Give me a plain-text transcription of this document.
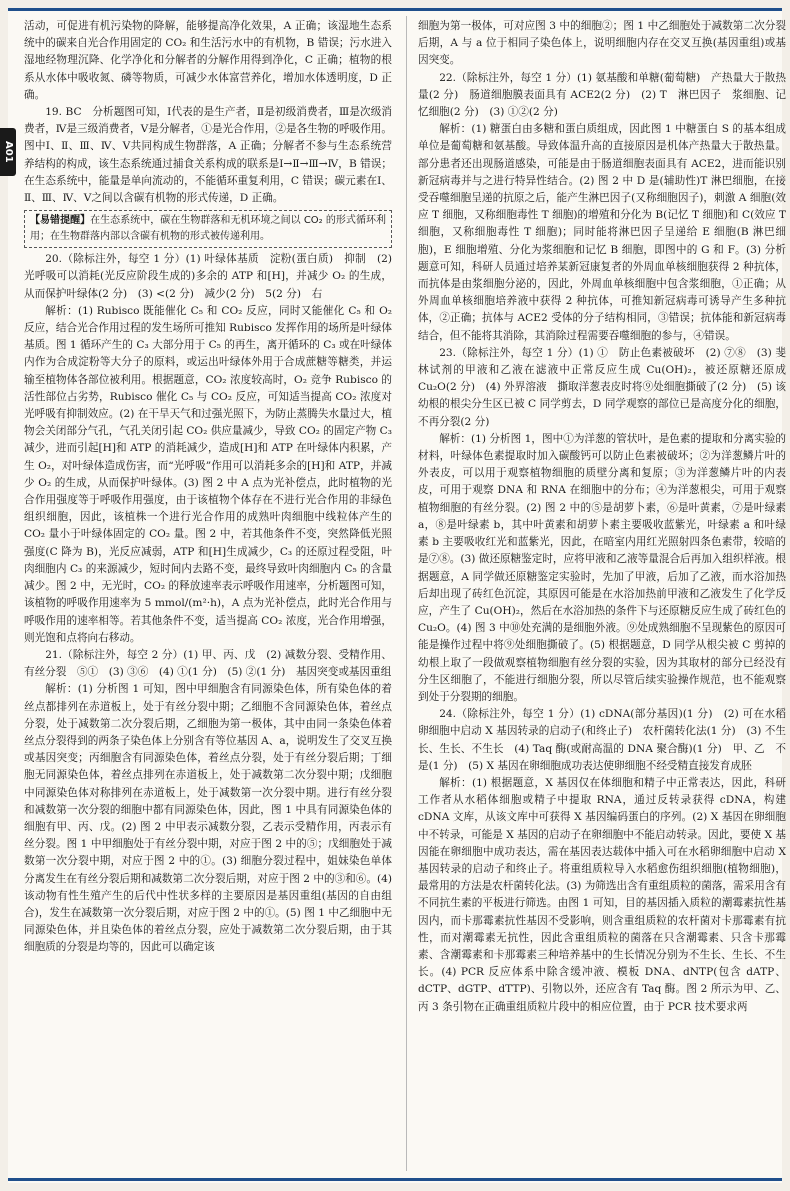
A01

活动，可促进有机污染物的降解，能够提高净化效果，A 正确；该湿地生态系统中的碳来自光合作用固定的 CO₂ 和生活污水中的有机物，B 错误；污水进入湿地经物理沉降、化学净化和分解者的分解作用得到净化，C 正确；植物的根系从水体中吸收氮、磷等物质，可减少水体富营养化，增加水体透明度，D 正确。

19. BC　分析题图可知，Ⅰ代表的是生产者，Ⅱ是初级消费者，Ⅲ是次级消费者，Ⅳ是三级消费者，Ⅴ是分解者，①是光合作用，②是各生物的呼吸作用。图中Ⅰ、Ⅱ、Ⅲ、Ⅳ、Ⅴ共同构成生物群落，A 正确；分解者不参与生态系统营养结构的构成，该生态系统通过捕食关系构成的联系是Ⅰ→Ⅱ→Ⅲ→Ⅳ，B 错误；在生态系统中，能量是单向流动的，不能循环重复利用，C 错误；碳元素在Ⅰ、Ⅱ、Ⅲ、Ⅳ、Ⅴ之间以含碳有机物的形式传递，D 正确。

【易错提醒】在生态系统中，碳在生物群落和无机环境之间以 CO₂ 的形式循环利用；在生物群落内部以含碳有机物的形式被传递利用。

20.（除标注外，每空 1 分）(1) 叶绿体基质　淀粉(蛋白质)　抑制　(2) 光呼吸可以消耗(光反应阶段生成的)多余的 ATP 和[H]，并减少 O₂ 的生成，从而保护叶绿体(2 分)　(3) <(2 分)　减少(2 分)　5(2 分)　右

解析：(1) Rubisco 既能催化 C₅ 和 CO₂ 反应，同时又能催化 C₅ 和 O₂ 反应，结合光合作用过程的发生场所可推知 Rubisco 发挥作用的场所是叶绿体基质。图 1 循环产生的 C₃ 大部分用于 C₅ 的再生，离开循环的 C₃ 或在叶绿体内作为合成淀粉等大分子的原料，或运出叶绿体外用于合成蔗糖等糖类，并运输至植物体各部位被利用。根据题意，CO₂ 浓度较高时，O₂ 竞争 Rubisco 的活性部位占劣势，Rubisco 催化 C₅ 与 CO₂ 反应，可知适当提高 CO₂ 浓度对光呼吸有抑制效应。(2) 在干旱天气和过强光照下，为防止蒸腾失水量过大，植物会关闭部分气孔，气孔关闭引起 CO₂ 供应量减少，导致 CO₂ 的固定产物 C₃ 减少，进而引起[H]和 ATP 的消耗减少，造成[H]和 ATP 在叶绿体内积累，产生 O₂，对叶绿体造成伤害，而“光呼吸”作用可以消耗多余的[H]和 ATP，并减少 O₂ 的生成，从而保护叶绿体。(3) 图 2 中 A 点为光补偿点，此时植物的光合作用强度等于呼吸作用强度，由于该植物个体存在不进行光合作用的非绿色组织细胞，因此，该植株一个进行光合作用的成熟叶肉细胞中线粒体产生的 CO₂ 量小于叶绿体固定的 CO₂ 量。图 2 中，若其他条件不变，突然降低光照强度(C 降为 B)，光反应减弱，ATP 和[H]生成减少，C₃ 的还原过程受阻，叶肉细胞内 C₃ 的来源减少，短时间内去路不变，最终导致叶肉细胞内 C₅ 的含量减少。图 2 中，无光时，CO₂ 的释放速率表示呼吸作用速率，分析题图可知，该植物的呼吸作用速率为 5 mmol/(m²·h)，A 点为光补偿点，此时光合作用与呼吸作用的速率相等。若其他条件不变，适当提高 CO₂ 浓度，光合作用增强，则光饱和点将向右移动。

21.（除标注外，每空 2 分）(1) 甲、丙、戊　(2) 减数分裂、受精作用、有丝分裂　⑤①　(3) ③⑥　(4) ①(1 分)　(5) ②(1 分)　基因突变或基因重组

解析：(1) 分析图 1 可知，图中甲细胞含有同源染色体，所有染色体的着丝点都排列在赤道板上，处于有丝分裂中期；乙细胞不含同源染色体，着丝点分裂，处于减数第二次分裂后期，乙细胞为第一极体，其中由同一条染色体着丝点分裂得到的两条子染色体上分别含有等位基因 A、a，说明发生了交叉互换或基因突变；丙细胞含有同源染色体，着丝点分裂，处于有丝分裂后期；丁细胞无同源染色体，着丝点排列在赤道板上，处于减数第二次分裂中期；戊细胞中同源染色体对称排列在赤道板上，处于减数第一次分裂中期。进行有丝分裂和减数第一次分裂的细胞中都有同源染色体，因此，图 1 中具有同源染色体的细胞有甲、丙、戊。(2) 图 2 中甲表示减数分裂，乙表示受精作用，丙表示有丝分裂。图 1 中甲细胞处于有丝分裂中期，对应于图 2 中的⑤；戊细胞处于减数第一次分裂中期，对应于图 2 中的①。(3) 细胞分裂过程中，姐妹染色单体分离发生在有丝分裂后期和减数第二次分裂后期，对应于图 2 中的③和⑥。(4) 该动物有性生殖产生的后代中性状多样的主要原因是基因重组(基因的自由组合)，发生在减数第一次分裂后期，对应于图 2 中的①。(5) 图 1 中乙细胞中无同源染色体，并且染色体的着丝点分裂，应处于减数第二次分裂后期，由于其细胞质的分裂是均等的，因此可以确定该

细胞为第一极体，可对应图 3 中的细胞②；图 1 中乙细胞处于减数第二次分裂后期，A 与 a 位于相同子染色体上，说明细胞内存在交叉互换(基因重组)或基因突变。

22.（除标注外，每空 1 分）(1) 氨基酸和单糖(葡萄糖)　产热量大于散热量(2 分)　肠道细胞膜表面具有 ACE2(2 分)　(2) T　淋巴因子　浆细胞、记忆细胞(2 分)　(3) ①②(2 分)

解析：(1) 糖蛋白由多糖和蛋白质组成，因此图 1 中糖蛋白 S 的基本组成单位是葡萄糖和氨基酸。导致体温升高的直接原因是机体产热量大于散热量。部分患者还出现肠道感染，可能是由于肠道细胞表面具有 ACE2，进而能识别新冠病毒并与之进行特异性结合。(2) 图 2 中 D 是(辅助性)T 淋巴细胞，在接受吞噬细胞呈递的抗原之后，能产生淋巴因子(又称细胞因子)，刺激 A 细胞(效应 T 细胞，又称细胞毒性 T 细胞)的增殖和分化为 B(记忆 T 细胞)和 C(效应 T 细胞，又称细胞毒性 T 细胞)；同时能将淋巴因子呈递给 E 细胞(B 淋巴细胞)，E 细胞增殖、分化为浆细胞和记忆 B 细胞，即图中的 G 和 F。(3) 分析题意可知，科研人员通过培养某新冠康复者的外周血单核细胞获得 2 种抗体，而抗体是由浆细胞分泌的，因此，外周血单核细胞中包含浆细胞，①正确；从外周血单核细胞培养液中获得 2 种抗体，可推知新冠病毒可诱导产生多种抗体，②正确；抗体与 ACE2 受体的分子结构相同，③错误；抗体能和新冠病毒结合，但不能将其消除，其消除过程需要吞噬细胞的参与，④错误。

23.（除标注外，每空 1 分）(1) ①　防止色素被破坏　(2) ⑦⑧　(3) 斐林试剂的甲液和乙液在滤液中正常反应生成 Cu(OH)₂，被还原糖还原成 Cu₂O(2 分)　(4) 外界溶液　撕取洋葱表皮时将⑨处细胞撕破了(2 分)　(5) 该幼根的根尖分生区已被 C 同学剪去，D 同学观察的部位已是高度分化的细胞，不再分裂(2 分)

解析：(1) 分析图 1，图中①为洋葱的管状叶，是色素的提取和分离实验的材料，叶绿体色素提取时加入碳酸钙可以防止色素被破坏；②为洋葱鳞片叶的外表皮，可以用于观察植物细胞的质壁分离和复原；③为洋葱鳞片叶的内表皮，可用于观察 DNA 和 RNA 在细胞中的分布；④为洋葱根尖，可用于观察植物细胞的有丝分裂。(2) 图 2 中的⑤是胡萝卜素，⑥是叶黄素，⑦是叶绿素 a，⑧是叶绿素 b，其中叶黄素和胡萝卜素主要吸收蓝紫光，叶绿素 a 和叶绿素 b 主要吸收红光和蓝紫光，因此，在暗室内用红光照射四条色素带，较暗的是⑦⑧。(3) 做还原糖鉴定时，应将甲液和乙液等量混合后再加入组织样液。根据题意，A 同学做还原糖鉴定实验时，先加了甲液，后加了乙液，而水浴加热后却出现了砖红色沉淀，其原因可能是在水浴加热前甲液和乙液发生了化学反应，产生了 Cu(OH)₂，然后在水浴加热的条件下与还原糖反应生成了砖红色的 Cu₂O。(4) 图 3 中⑩处充满的是细胞外液。⑨处成熟细胞不呈现紫色的原因可能是操作过程中将⑨处细胞撕破了。(5) 根据题意，D 同学从根尖被 C 剪掉的幼根上取了一段做观察植物细胞有丝分裂的实验，因为其取材的部分已经没有分生区细胞了，不能进行细胞分裂，所以尽管后续实验操作规范，也不能观察到处于分裂期的细胞。

24.（除标注外，每空 1 分）(1) cDNA(部分基因)(1 分)　(2) 可在水稻卵细胞中启动 X 基因转录的启动子(和终止子)　农杆菌转化法(1 分)　(3) 不生长、生长、不生长　(4) Taq 酶(或耐高温的 DNA 聚合酶)(1 分)　甲、乙　不是(1 分)　(5) X 基因在卵细胞成功表达使卵细胞不经受精直接发育成胚

解析：(1) 根据题意，X 基因仅在体细胞和精子中正常表达，因此，科研工作者从水稻体细胞或精子中提取 RNA，通过反转录获得 cDNA，构建 cDNA 文库，从该文库中可获得 X 基因编码蛋白的序列。(2) X 基因在卵细胞中不转录，可能是 X 基因的启动子在卵细胞中不能启动转录。因此，要使 X 基因能在卵细胞中成功表达，需在基因表达载体中插入可在水稻卵细胞中启动 X 基因转录的启动子和终止子。将重组质粒导入水稻愈伤组织细胞(植物细胞)，最常用的方法是农杆菌转化法。(3) 为筛选出含有重组质粒的菌落，需采用含有不同抗生素的平板进行筛选。由图 1 可知，目的基因插入质粒的潮霉素抗性基因内，而卡那霉素抗性基因不受影响，则含重组质粒的农杆菌对卡那霉素有抗性，而对潮霉素无抗性，因此含重组质粒的菌落在只含潮霉素、只含卡那霉素、含潮霉素和卡那霉素三种培养基中的生长情况分别为不生长、生长、不生长。(4) PCR 反应体系中除含缓冲液、模板 DNA、dNTP(包含 dATP、dCTP、dGTP、dTTP)、引物以外，还应含有 Taq 酶。图 2 所示为甲、乙、丙 3 条引物在正确重组质粒片段中的相应位置，由于 PCR 技术要求两
